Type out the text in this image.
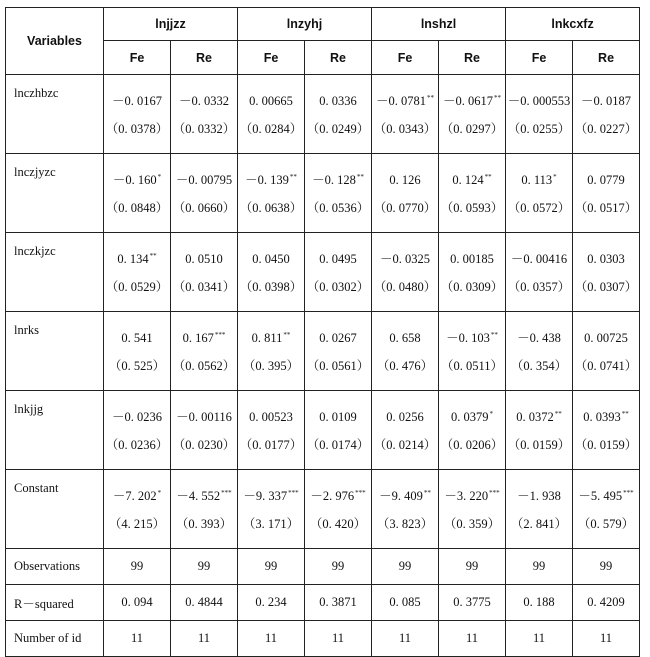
Variables	lnjjzz		lnzyhj		lnshzl		lnkcxfz	
	Fe	Re	Fe	Re	Fe	Re	Fe	Re
lnczhbzc	－0. 0167	－0. 0332	0. 00665	0. 0336	－0. 0781**	－0. 0617**	－0. 000553	－0. 0187
	（0. 0378）	（0. 0332）	（0. 0284）	（0. 0249）	（0. 0343）	（0. 0297）	（0. 0255）	（0. 0227）
lnczjyzc	－0. 160*	－0. 00795	－0. 139**	－0. 128**	0. 126	0. 124**	0. 113*	0. 0779
	（0. 0848）	（0. 0660）	（0. 0638）	（0. 0536）	（0. 0770）	（0. 0593）	（0. 0572）	（0. 0517）
lnczkjzc	0. 134**	0. 0510	0. 0450	0. 0495	－0. 0325	0. 00185	－0. 00416	0. 0303
	（0. 0529）	（0. 0341）	（0. 0398）	（0. 0302）	（0. 0480）	（0. 0309）	（0. 0357）	（0. 0307）
lnrks	0. 541	0. 167***	0. 811**	0. 0267	0. 658	－0. 103**	－0. 438	0. 00725
	（0. 525）	（0. 0562）	（0. 395）	（0. 0561）	（0. 476）	（0. 0511）	（0. 354）	（0. 0741）
lnkjjg	－0. 0236	－0. 00116	0. 00523	0. 0109	0. 0256	0. 0379*	0. 0372**	0. 0393**
	（0. 0236）	（0. 0230）	（0. 0177）	（0. 0174）	（0. 0214）	（0. 0206）	（0. 0159）	（0. 0159）
Constant	－7. 202*	－4. 552***	－9. 337***	－2. 976***	－9. 409**	－3. 220***	－1. 938	－5. 495***
	（4. 215）	（0. 393）	（3. 171）	（0. 420）	（3. 823）	（0. 359）	（2. 841）	（0. 579）
Observations	99	99	99	99	99	99	99	99
R－squared	0. 094	0. 4844	0. 234	0. 3871	0. 085	0. 3775	0. 188	0. 4209
Number of id	11	11	11	11	11	11	11	11
